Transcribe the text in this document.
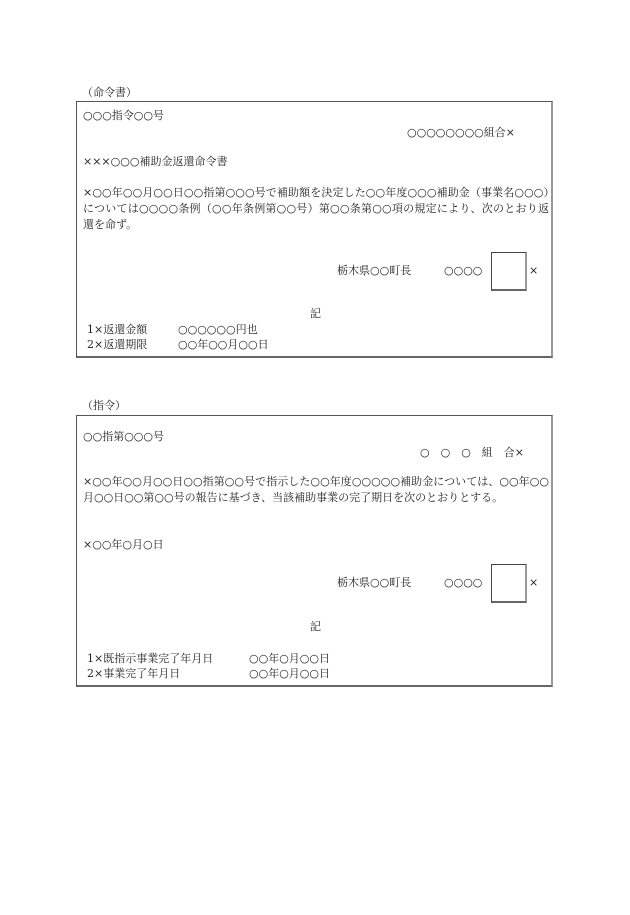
（命令書）
○○○指令○○号
○○○○○○○○組合×
×××○○○補助金返還命令書
×○○年○○月○○日○○指第○○○号で補助額を決定した○○年度○○○補助金（事業名○○○）については○○○○条例（○○年条例第○○号）第○○条第○○項の規定により、次のとおり返還を命ず。
栃木県○○町長	○○○○	×
記
1×返還金額	○○○○○○円也
2×返還期限	○○年○○月○○日
（指令）
○○指第○○○号
○　○　○　組　合×
×○○年○○月○○日○○指第○○号で指示した○○年度○○○○○補助金については、○○年○○月○○日○○第○○号の報告に基づき、当該補助事業の完了期日を次のとおりとする。
×○○年○月○日
栃木県○○町長	○○○○	×
記
1×既指示事業完了年月日	○○年○月○○日
2×事業完了年月日	○○年○月○○日
